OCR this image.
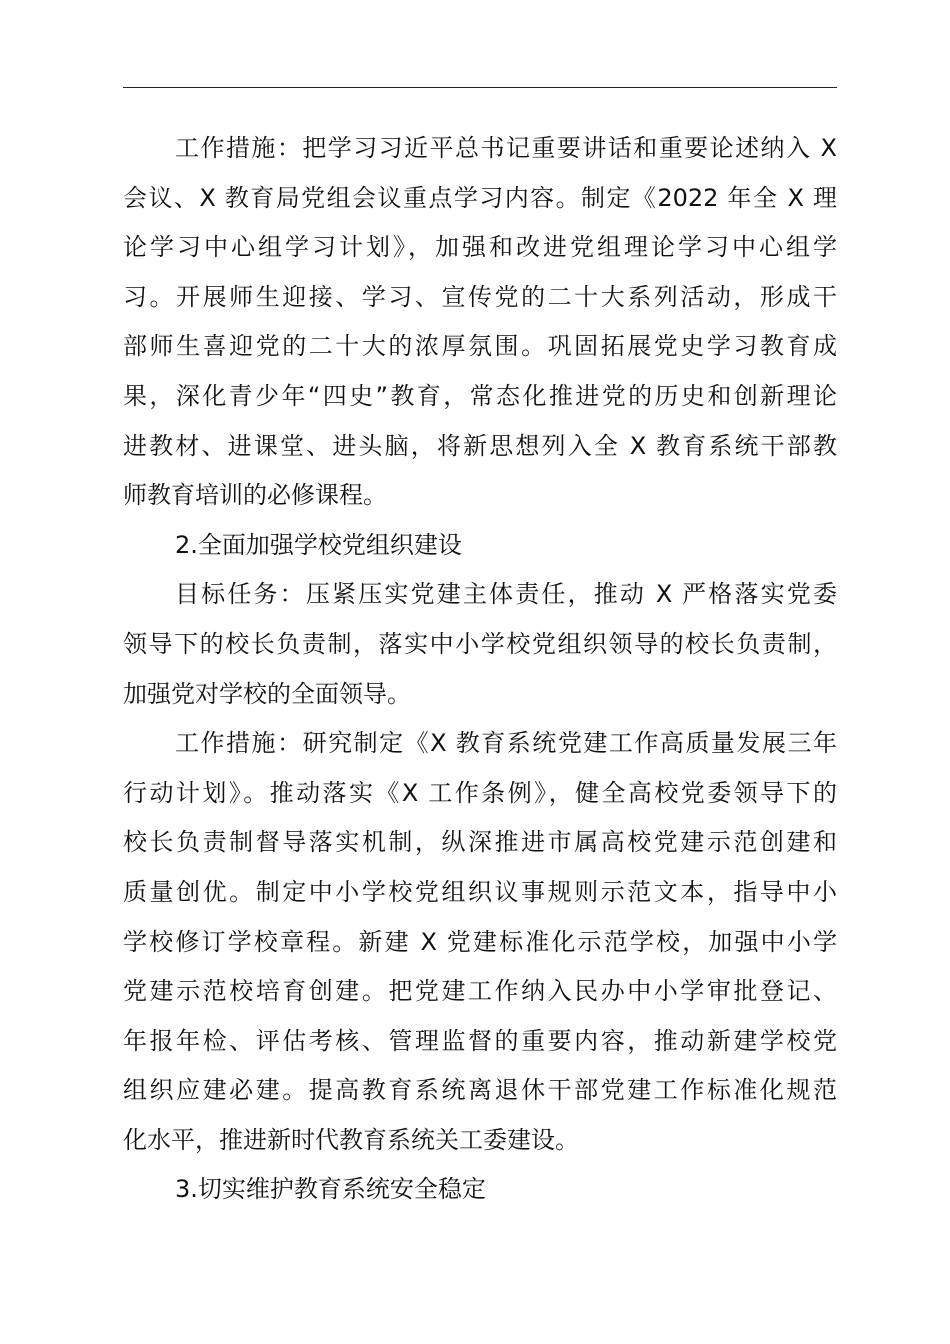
工作措施：把学习习近平总书记重要讲话和重要论述纳入 X
会议、X 教育局党组会议重点学习内容。制定《2022 年全 X 理
论学习中心组学习计划》，加强和改进党组理论学习中心组学
习。开展师生迎接、学习、宣传党的二十大系列活动，形成干
部师生喜迎党的二十大的浓厚氛围。巩固拓展党史学习教育成
果，深化青少年“四史”教育，常态化推进党的历史和创新理论
进教材、进课堂、进头脑，将新思想列入全 X 教育系统干部教
师教育培训的必修课程。
2.全面加强学校党组织建设
目标任务：压紧压实党建主体责任，推动 X 严格落实党委
领导下的校长负责制，落实中小学校党组织领导的校长负责制，
加强党对学校的全面领导。
工作措施：研究制定《X 教育系统党建工作高质量发展三年
行动计划》。推动落实《X 工作条例》，健全高校党委领导下的
校长负责制督导落实机制，纵深推进市属高校党建示范创建和
质量创优。制定中小学校党组织议事规则示范文本，指导中小
学校修订学校章程。新建 X 党建标准化示范学校，加强中小学
党建示范校培育创建。把党建工作纳入民办中小学审批登记、
年报年检、评估考核、管理监督的重要内容，推动新建学校党
组织应建必建。提高教育系统离退休干部党建工作标准化规范
化水平，推进新时代教育系统关工委建设。
3.切实维护教育系统安全稳定
